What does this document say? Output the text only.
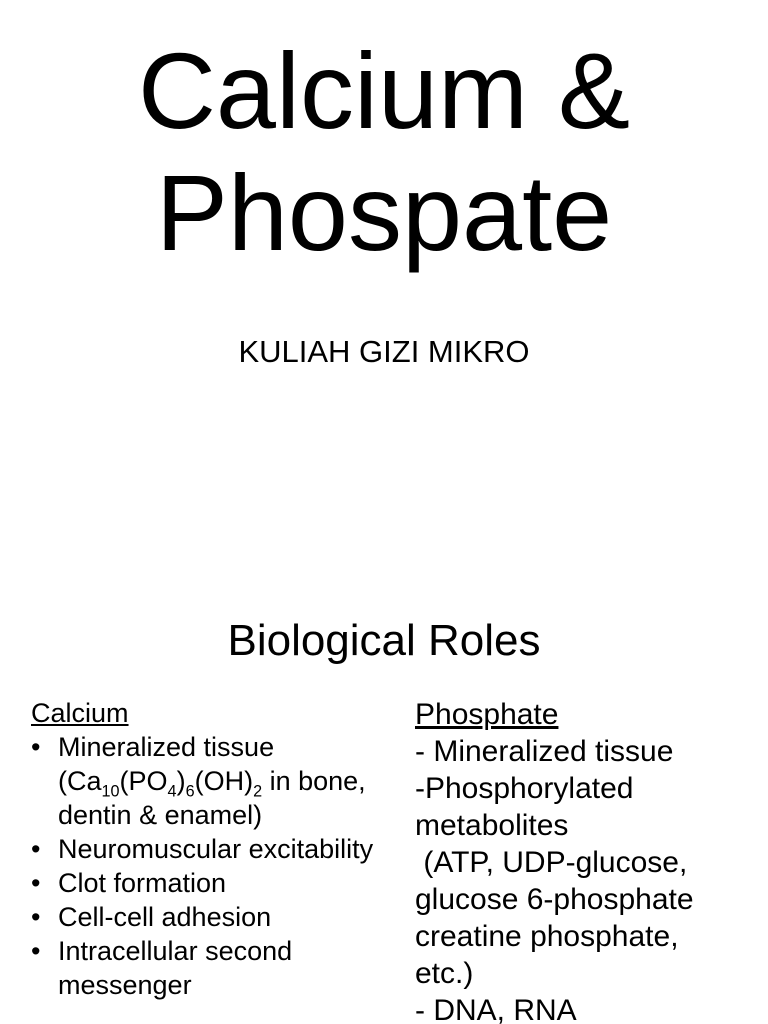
Calcium &
Phospate

KULIAH GIZI MIKRO

Biological Roles
Calcium
• Mineralized tissue ($Ca_{10}(PO_4)_6(OH)_2$ in bone, dentin & enamel)
• Neuromuscular excitability
• Clot formation
• Cell-cell adhesion
• Intracellular second messenger
Phosphate
- Mineralized tissue
-Phosphorylated
metabolites
(ATP, UDP-glucose,
glucose 6-phosphate
creatine phosphate,
etc.)
- DNA, RNA
